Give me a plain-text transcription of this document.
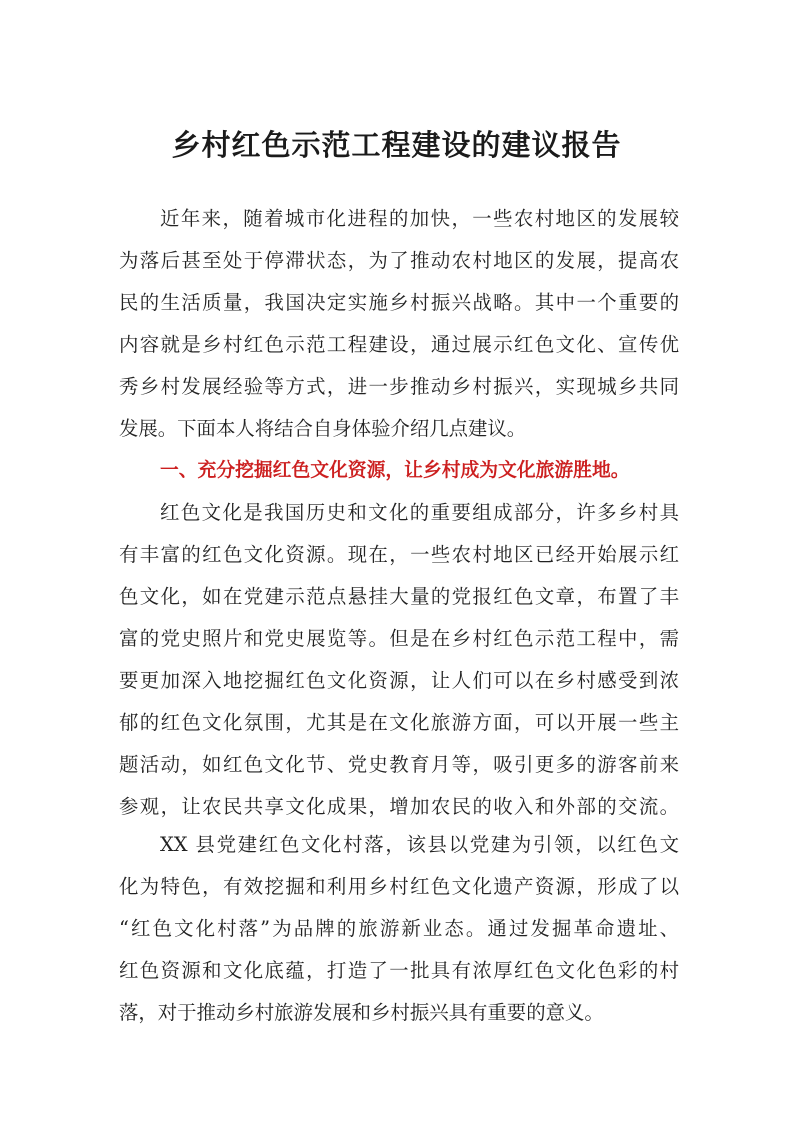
乡村红色示范工程建设的建议报告
近年来，随着城市化进程的加快，一些农村地区的发展较
为落后甚至处于停滞状态，为了推动农村地区的发展，提高农
民的生活质量，我国决定实施乡村振兴战略。其中一个重要的
内容就是乡村红色示范工程建设，通过展示红色文化、宣传优
秀乡村发展经验等方式，进一步推动乡村振兴，实现城乡共同
发展。下面本人将结合自身体验介绍几点建议。
一、充分挖掘红色文化资源，让乡村成为文化旅游胜地。
红色文化是我国历史和文化的重要组成部分，许多乡村具
有丰富的红色文化资源。现在，一些农村地区已经开始展示红
色文化，如在党建示范点悬挂大量的党报红色文章，布置了丰
富的党史照片和党史展览等。但是在乡村红色示范工程中，需
要更加深入地挖掘红色文化资源，让人们可以在乡村感受到浓
郁的红色文化氛围，尤其是在文化旅游方面，可以开展一些主
题活动，如红色文化节、党史教育月等，吸引更多的游客前来
参观，让农民共享文化成果，增加农民的收入和外部的交流。
XX 县党建红色文化村落，该县以党建为引领，以红色文
化为特色，有效挖掘和利用乡村红色文化遗产资源，形成了以
“红色文化村落”为品牌的旅游新业态。通过发掘革命遗址、
红色资源和文化底蕴，打造了一批具有浓厚红色文化色彩的村
落，对于推动乡村旅游发展和乡村振兴具有重要的意义。
